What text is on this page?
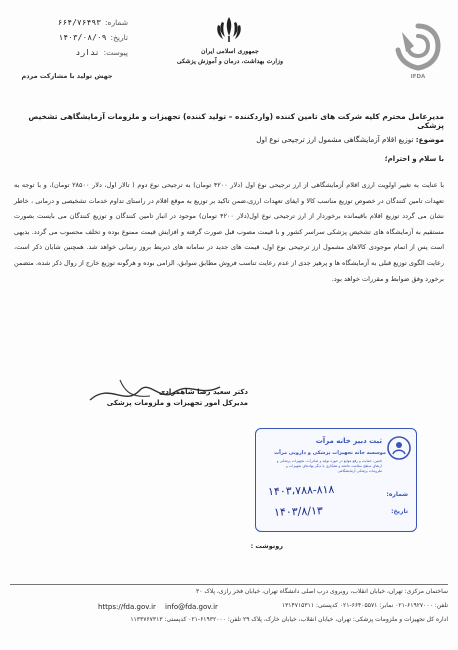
شماره:
۶۶۴/۷۶۴۹۳
تاریخ:
۱۴۰۳/۰۸/۰۹
پیوست:
ندارد
جهش تولید با مشارکت مردم
جمهوری اسلامی ایران
وزارت بهداشت، درمان و آموزش پزشکی
IFDA
مدیرعامل محترم کلیه شرکت های تامین کننده (واردکننده – تولید کننده) تجهیزات و ملزومات آزمایشگاهی تشخیص پزشکی
موضوع: توزیع اقلام آزمایشگاهی مشمول ارز ترجیحی نوع اول
با سلام و احترام؛
با عنایت به تغییر اولویت ارزی اقلام آزمایشگاهی از ارز ترجیحی نوع اول (دلار ۴۲۰۰ تومان) به ترجیحی نوع دوم ( تالار اول، دلار ۲۸۵۰۰ تومان)، و با توجه به تعهدات تامین کنندگان در خصوص توزیع مناسب کالا و ایفای تعهدات ارزی،ضمن تاکید بر توزیع به موقع اقلام در راستای تداوم خدمات تشخیصی و درمانی ، خاطر نشان می گردد توزیع اقلام باقیمانده برخوردار از ارز ترجیحی نوع اول(دلار ۴۲۰۰ تومان) موجود در انبار تامین کنندگان و توزیع کنندگان می بایست بصورت مستقیم به آزمایشگاه های تشخیص پزشکی سراسر کشور و با قیمت مصوب قبل صورت گرفته و افزایش قیمت ممنوع بوده و تخلف محسوب می گردد. بدیهی است پس از اتمام موجودی کالاهای مشمول ارز ترجیحی نوع اول، قیمت های جدید در سامانه های ذیربط بروز رسانی خواهد شد. همچنین شایان ذکر است، رعایت الگوی توزیع قبلی به آزمایشگاه ها و پرهیز جدی از عدم رعایت تناسب فروش مطابق سوابق، الزامی بوده و هرگونه توزیع خارج از روال ذکر شده، متضمن برخورد وفق ضوابط و مقررات خواهد بود.
دکتر سعید رضا شاهمرادی
مدیرکل امور تجهیزات و ملزومات پزشکی
ثبت دبیر خانه مرآت
موسسه خانه تجهیزات پزشکی و دارویی مرآت
تامین، حمایت و رفع موانع در حوزه تولید و صادرات، تجهیزات پزشکی و ارتقای سطح سلامت جامعه و همکاری با دیگر نهادهای تجهیزات و ملزومات پزشکی آزمایشگاهی
شماره:
تاریخ:
۱۴۰۳،۷۸۸-۸۱۸
۱۴۰۳/۸/۱۳
رونوشت :
ساختمان مرکزی: تهران، خیابان انقلاب، روبروی درب اصلی دانشگاه تهران، خیابان فخر رازی، پلاک ۳۰
تلفن: ۶۱۹۲۷۰۰۰-۰۲۱ نمابر: ۶۶۴۰۵۵۷۱-۰۲۱ کدپستی: ۱۳۱۴۷۱۵۳۱۱
https://fda.gov.ir info@fda.gov.ir
اداره کل تجهیزات و ملزومات پزشکی: تهران، خیابان انقلاب، خیابان خارک، پلاک ۲۹ تلفن: ۶۱۹۳۲۰۰۰-۰۲۱ کدپستی: ۱۱۳۳۷۶۷۳۱۳
